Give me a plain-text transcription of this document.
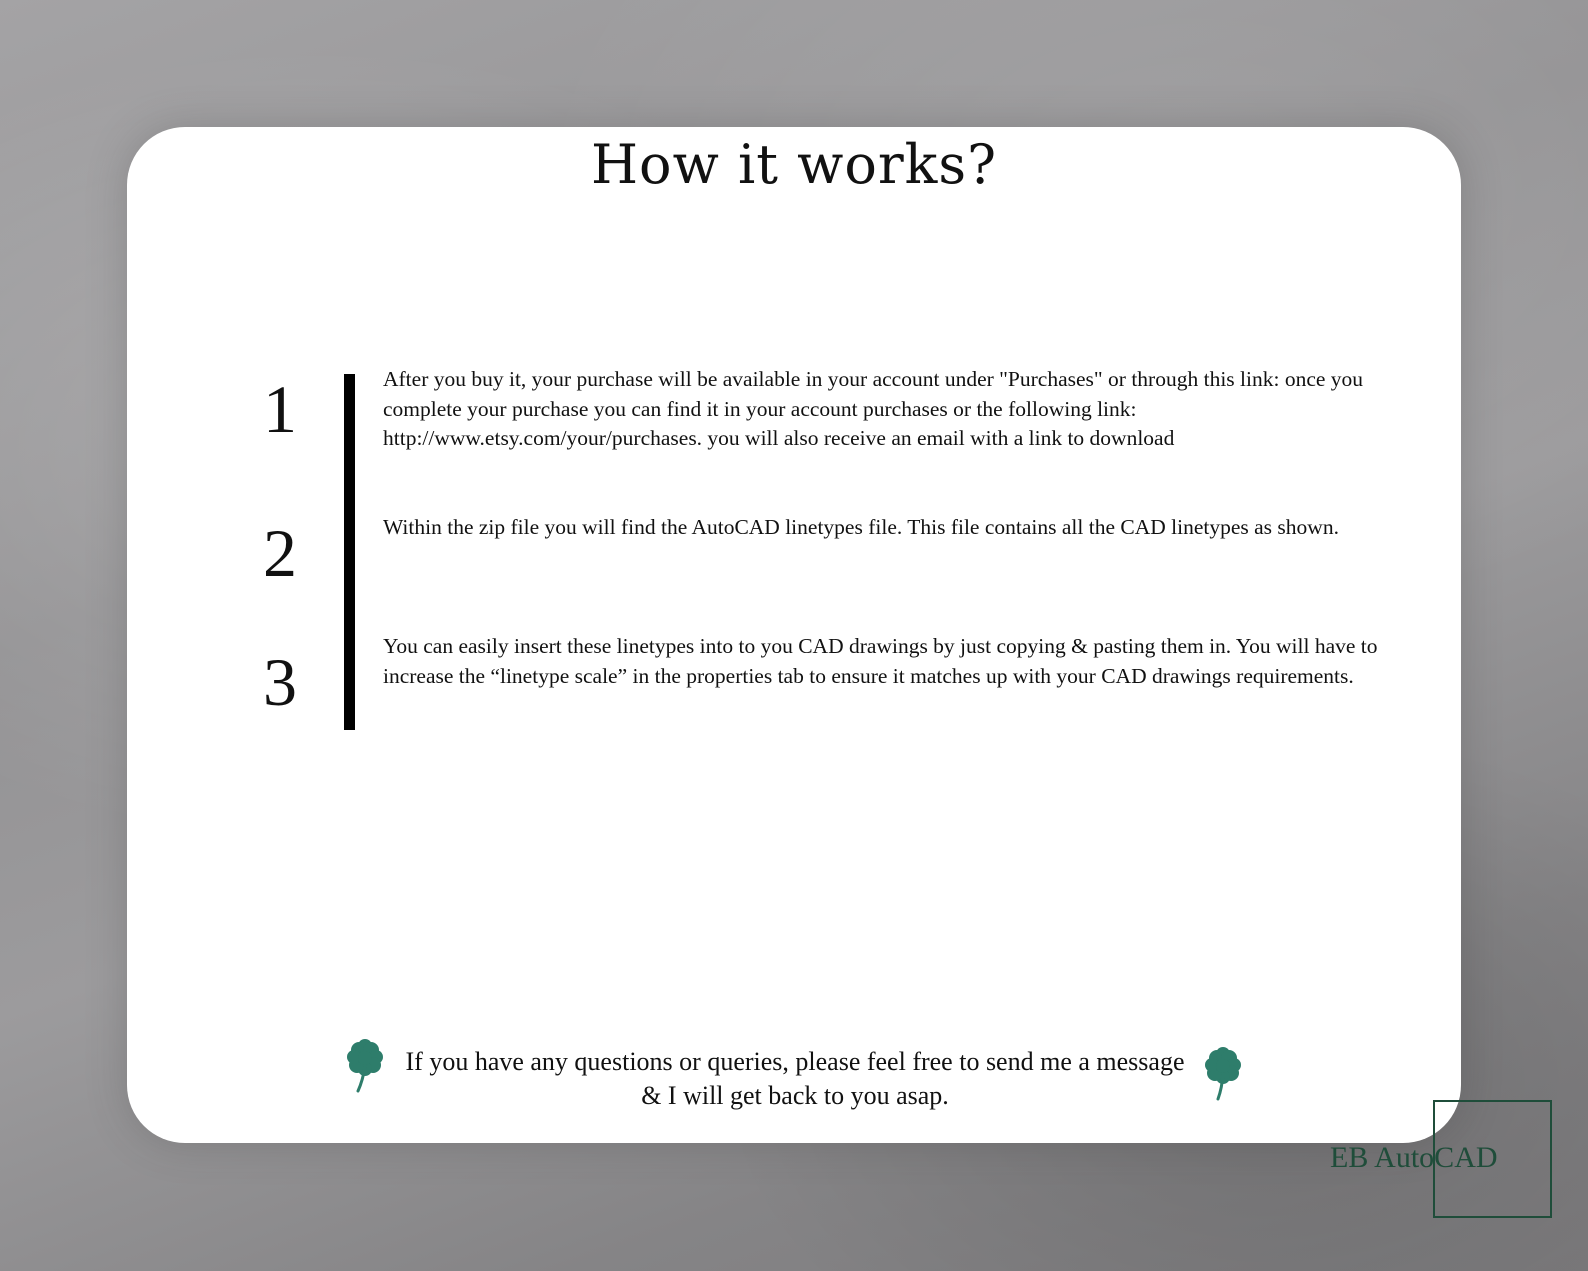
How it works?
1	After you buy it, your purchase will be available in your account under "Purchases" or through this link: once you complete your purchase you can find it in your account purchases or the following link: http://www.etsy.com/your/purchases. you will also receive an email with a link to download
2	Within the zip file you will find the AutoCAD linetypes file. This file contains all the CAD linetypes as shown.
3	You can easily insert these linetypes into to you CAD drawings by just copying & pasting them in. You will have to increase the “linetype scale” in the properties tab to ensure it matches up with your CAD drawings requirements.
If you have any questions or queries, please feel free to send me a message
& I will get back to you asap.
EB AutoCAD
